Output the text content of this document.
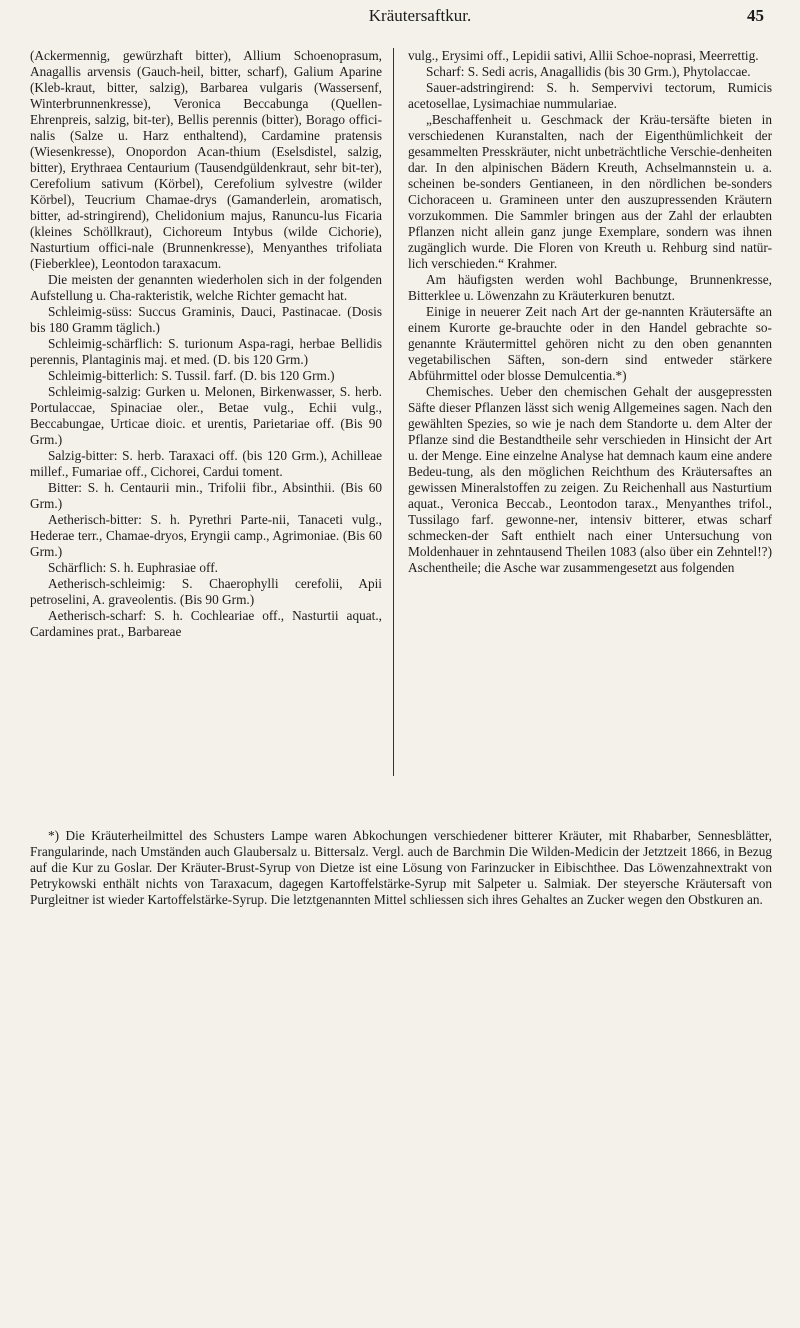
Kräutersaftkur.	45

(Ackermennig, gewürzhaft bitter), Allium Schoenoprasum, Anagallis arvensis (Gauch-heil, bitter, scharf), Galium Aparine (Kleb-kraut, bitter, salzig), Barbarea vulgaris (Wassersenf, Winterbrunnenkresse), Veronica Beccabunga (Quellen-Ehrenpreis, salzig, bit-ter), Bellis perennis (bitter), Borago offici-nalis (Salze u. Harz enthaltend), Cardamine pratensis (Wiesenkresse), Onopordon Acan-thium (Eselsdistel, salzig, bitter), Erythraea Centaurium (Tausendgüldenkraut, sehr bit-ter), Cerefolium sativum (Körbel), Cerefolium sylvestre (wilder Körbel), Teucrium Chamae-drys (Gamanderlein, aromatisch, bitter, ad-stringirend), Chelidonium majus, Ranuncu-lus Ficaria (kleines Schöllkraut), Cichoreum Intybus (wilde Cichorie), Nasturtium offici-nale (Brunnenkresse), Menyanthes trifoliata (Fieberklee), Leontodon taraxacum.

Die meisten der genannten wiederholen sich in der folgenden Aufstellung u. Cha-rakteristik, welche Richter gemacht hat.

Schleimig-süss: Succus Graminis, Dauci, Pastinacae. (Dosis bis 180 Gramm täglich.)

Schleimig-schärflich: S. turionum Aspa-ragi, herbae Bellidis perennis, Plantaginis maj. et med. (D. bis 120 Grm.)

Schleimig-bitterlich: S. Tussil. farf. (D. bis 120 Grm.)

Schleimig-salzig: Gurken u. Melonen, Birkenwasser, S. herb. Portulaccae, Spinaciae oler., Betae vulg., Echii vulg., Beccabungae, Urticae dioic. et urentis, Parietariae off. (Bis 90 Grm.)

Salzig-bitter: S. herb. Taraxaci off. (bis 120 Grm.), Achilleae millef., Fumariae off., Cichorei, Cardui toment.

Bitter: S. h. Centaurii min., Trifolii fibr., Absinthii. (Bis 60 Grm.)

Aetherisch-bitter: S. h. Pyrethri Parte-nii, Tanaceti vulg., Hederae terr., Chamae-dryos, Eryngii camp., Agrimoniae. (Bis 60 Grm.)

Schärflich: S. h. Euphrasiae off.

Aetherisch-schleimig: S. Chaerophylli cerefolii, Apii petroselini, A. graveolentis. (Bis 90 Grm.)

Aetherisch-scharf: S. h. Cochleariae off., Nasturtii aquat., Cardamines prat., Barbareae

vulg., Erysimi off., Lepidii sativi, Allii Schoe-noprasi, Meerrettig.

Scharf: S. Sedi acris, Anagallidis (bis 30 Grm.), Phytolaccae.

Sauer-adstringirend: S. h. Sempervivi tectorum, Rumicis acetosellae, Lysimachiae nummulariae.

„Beschaffenheit u. Geschmack der Kräu-tersäfte bieten in verschiedenen Kuranstalten, nach der Eigenthümlichkeit der gesammelten Presskräuter, nicht unbeträchtliche Verschie-denheiten dar. In den alpinischen Bädern Kreuth, Achselmannstein u. a. scheinen be-sonders Gentianeen, in den nördlichen be-sonders Cichoraceen u. Gramineen unter den auszupressenden Kräutern vorzukommen. Die Sammler bringen aus der Zahl der erlaubten Pflanzen nicht allein ganz junge Exemplare, sondern was ihnen zugänglich wurde. Die Floren von Kreuth u. Rehburg sind natür-lich verschieden.“ Krahmer.

Am häufigsten werden wohl Bachbunge, Brunnenkresse, Bitterklee u. Löwenzahn zu Kräuterkuren benutzt.

Einige in neuerer Zeit nach Art der ge-nannten Kräutersäfte an einem Kurorte ge-brauchte oder in den Handel gebrachte so-genannte Kräutermittel gehören nicht zu den oben genannten vegetabilischen Säften, son-dern sind entweder stärkere Abführmittel oder blosse Demulcentia.*)

Chemisches. Ueber den chemischen Gehalt der ausgepressten Säfte dieser Pflanzen lässt sich wenig Allgemeines sagen. Nach den gewählten Spezies, so wie je nach dem Standorte u. dem Alter der Pflanze sind die Bestandtheile sehr verschieden in Hinsicht der Art u. der Menge. Eine einzelne Analyse hat demnach kaum eine andere Bedeu-tung, als den möglichen Reichthum des Kräutersaftes an gewissen Mineralstoffen zu zeigen. Zu Reichenhall aus Nasturtium aquat., Veronica Beccab., Leontodon tarax., Menyanthes trifol., Tussilago farf. gewonne-ner, intensiv bitterer, etwas scharf schmecken-der Saft enthielt nach einer Untersuchung von Moldenhauer in zehntausend Theilen 1083 (also über ein Zehntel!?) Aschentheile; die Asche war zusammengesetzt aus folgenden

*) Die Kräuterheilmittel des Schusters Lampe waren Abkochungen verschiedener bitterer Kräuter, mit Rhabarber, Sennesblätter, Frangularinde, nach Umständen auch Glaubersalz u. Bittersalz. Vergl. auch de Barchmin Die Wilden-Medicin der Jetztzeit 1866, in Bezug auf die Kur zu Goslar. Der Kräuter-Brust-Syrup von Dietze ist eine Lösung von Farinzucker in Eibischthee. Das Löwenzahnextrakt von Petrykowski enthält nichts von Taraxacum, dagegen Kartoffelstärke-Syrup mit Salpeter u. Salmiak. Der steyersche Kräutersaft von Purgleitner ist wieder Kartoffelstärke-Syrup. Die letztgenannten Mittel schliessen sich ihres Gehaltes an Zucker wegen den Obstkuren an.
